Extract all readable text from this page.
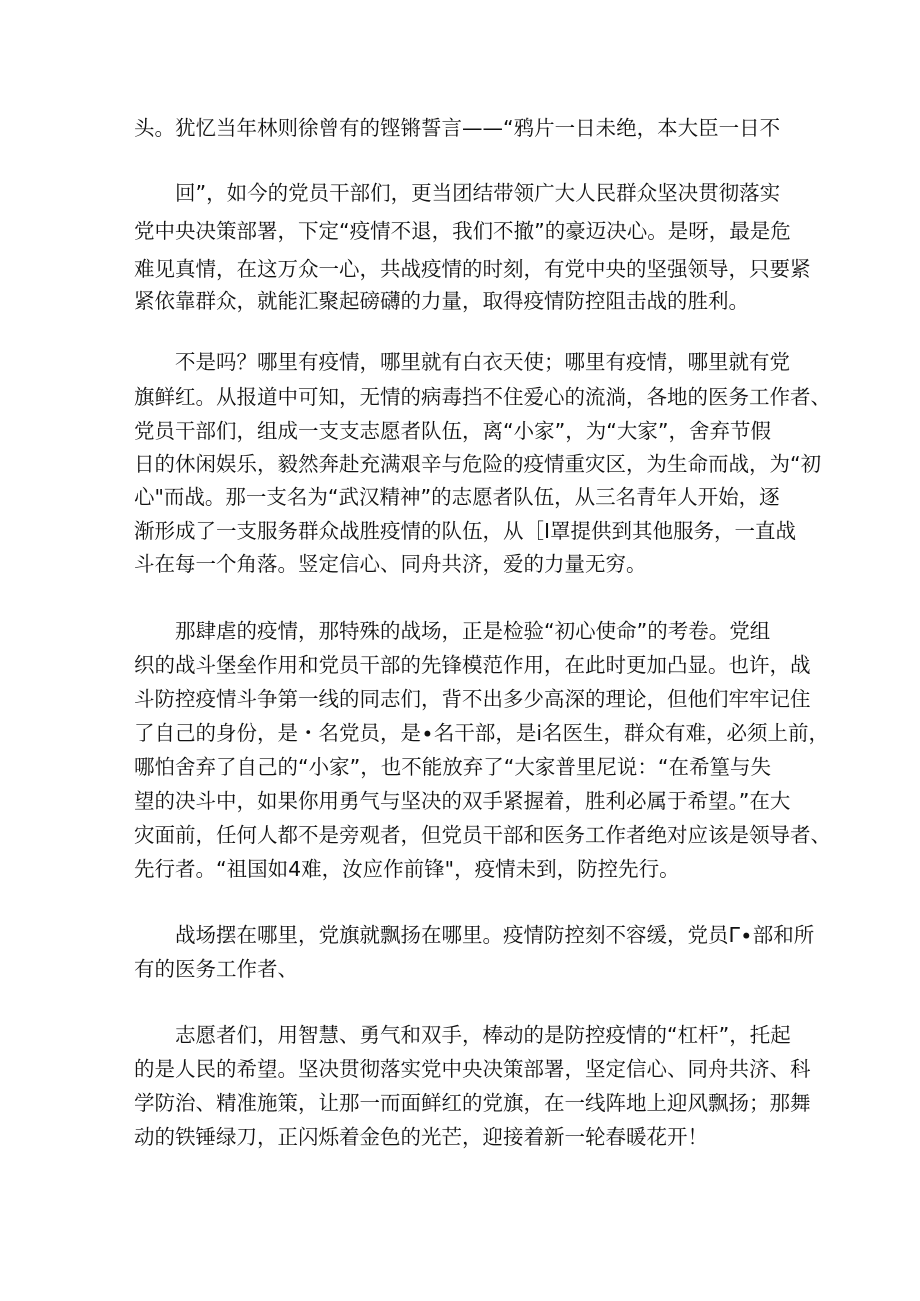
头。犹忆当年林则徐曾有的铿锵誓言——“鸦片一日未绝，本大臣一日不

回”，如今的党员干部们，更当团结带领广大人民群众坚决贯彻落实

党中央决策部署，下定“疫情不退，我们不撤”的豪迈决心。是呀，最是危

难见真情，在这万众一心，共战疫情的时刻，有党中央的坚强领导，只要紧

紧依靠群众，就能汇聚起磅礴的力量，取得疫情防控阻击战的胜利。

不是吗？哪里有疫情，哪里就有白衣天使；哪里有疫情，哪里就有党

旗鲜红。从报道中可知，无情的病毒挡不住爱心的流淌，各地的医务工作者、

党员干部们，组成一支支志愿者队伍，离“小家”，为“大家”，舍弃节假

日的休闲娱乐，毅然奔赴充满艰辛与危险的疫情重灾区，为生命而战，为“初

心"而战。那一支名为“武汉精神”的志愿者队伍，从三名青年人开始，逐

渐形成了一支服务群众战胜疫情的队伍，从［I罩提供到其他服务，一直战

斗在每一个角落。竖定信心、同舟共济，爱的力量无穷。

那肆虐的疫情，那特殊的战场，正是检验“初心使命”的考卷。党组

织的战斗堡垒作用和党员干部的先锋模范作用，在此时更加凸显。也许，战

斗防控疫情斗争第一线的同志们，背不出多少高深的理论，但他们牢牢记住

了自己的身份，是・名党员，是∙名干部，是i名医生，群众有难，必须上前，

哪怕舍弃了自己的“小家”，也不能放弃了“大家普里尼说：“在希篁与失

望的决斗中，如果你用勇气与坚决的双手紧握着，胜利必属于希望。”在大

灾面前，任何人都不是旁观者，但党员干部和医务工作者绝对应该是领导者、

先行者。“祖国如4难，汝应作前锋"，疫情未到，防控先行。

战场摆在哪里，党旗就飘扬在哪里。疫情防控刻不容缓，党员Γ∙部和所

有的医务工作者、

志愿者们，用智慧、勇气和双手，棒动的是防控疫情的“杠杆”，托起

的是人民的希望。坚决贯彻落实党中央决策部署，坚定信心、同舟共济、科

学防治、精准施策，让那一而面鲜红的党旗，在一线阵地上迎风飘扬；那舞

动的铁锤绿刀，正闪烁着金色的光芒，迎接着新一轮春暖花开！
